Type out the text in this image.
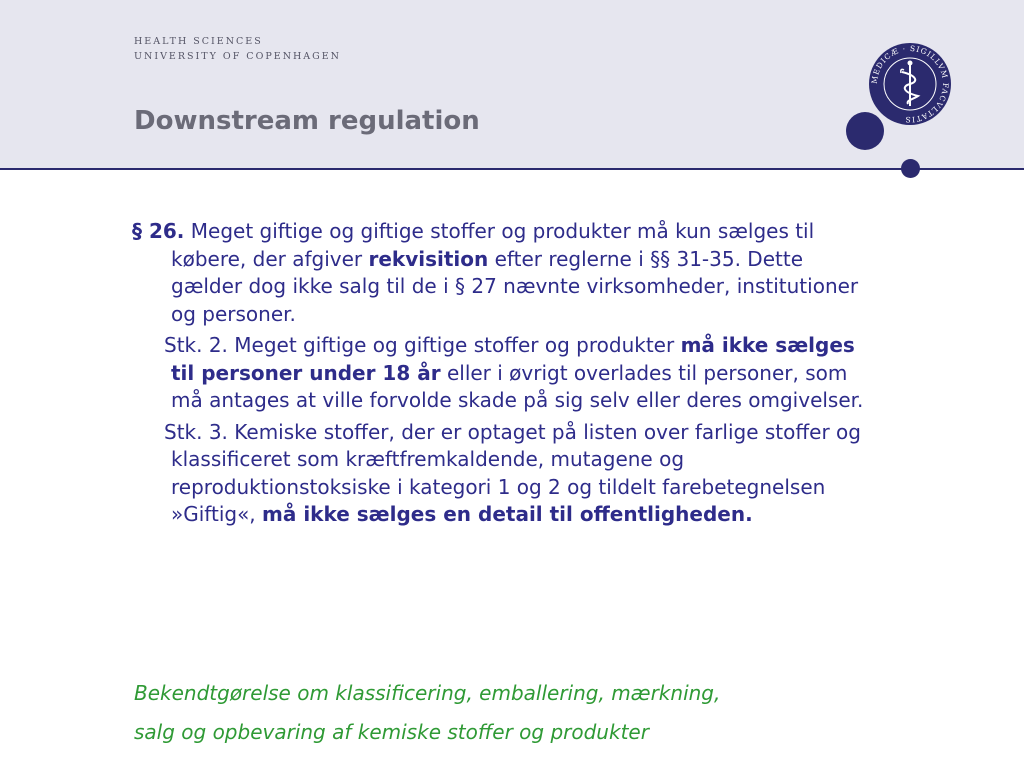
HEALTH SCIENCES
UNIVERSITY OF COPENHAGEN
Downstream regulation
MEDICÆ · SIGILLVM FACVLTATIS

§ 26. Meget giftige og giftige stoffer og produkter må kun sælges til købere, der afgiver rekvisition efter reglerne i §§ 31-35. Dette gælder dog ikke salg til de i § 27 nævnte virksomheder, institutioner og personer.

Stk. 2. Meget giftige og giftige stoffer og produkter må ikke sælges til personer under 18 år eller i øvrigt overlades til personer, som må antages at ville forvolde skade på sig selv eller deres omgivelser.

Stk. 3. Kemiske stoffer, der er optaget på listen over farlige stoffer og klassificeret som kræftfremkaldende, mutagene og reproduktionstoksiske i kategori 1 og 2 og tildelt farebetegnelsen »Giftig«, må ikke sælges en detail til offentligheden.

Bekendtgørelse om klassificering, emballering, mærkning,

salg og opbevaring af kemiske stoffer og produkter
